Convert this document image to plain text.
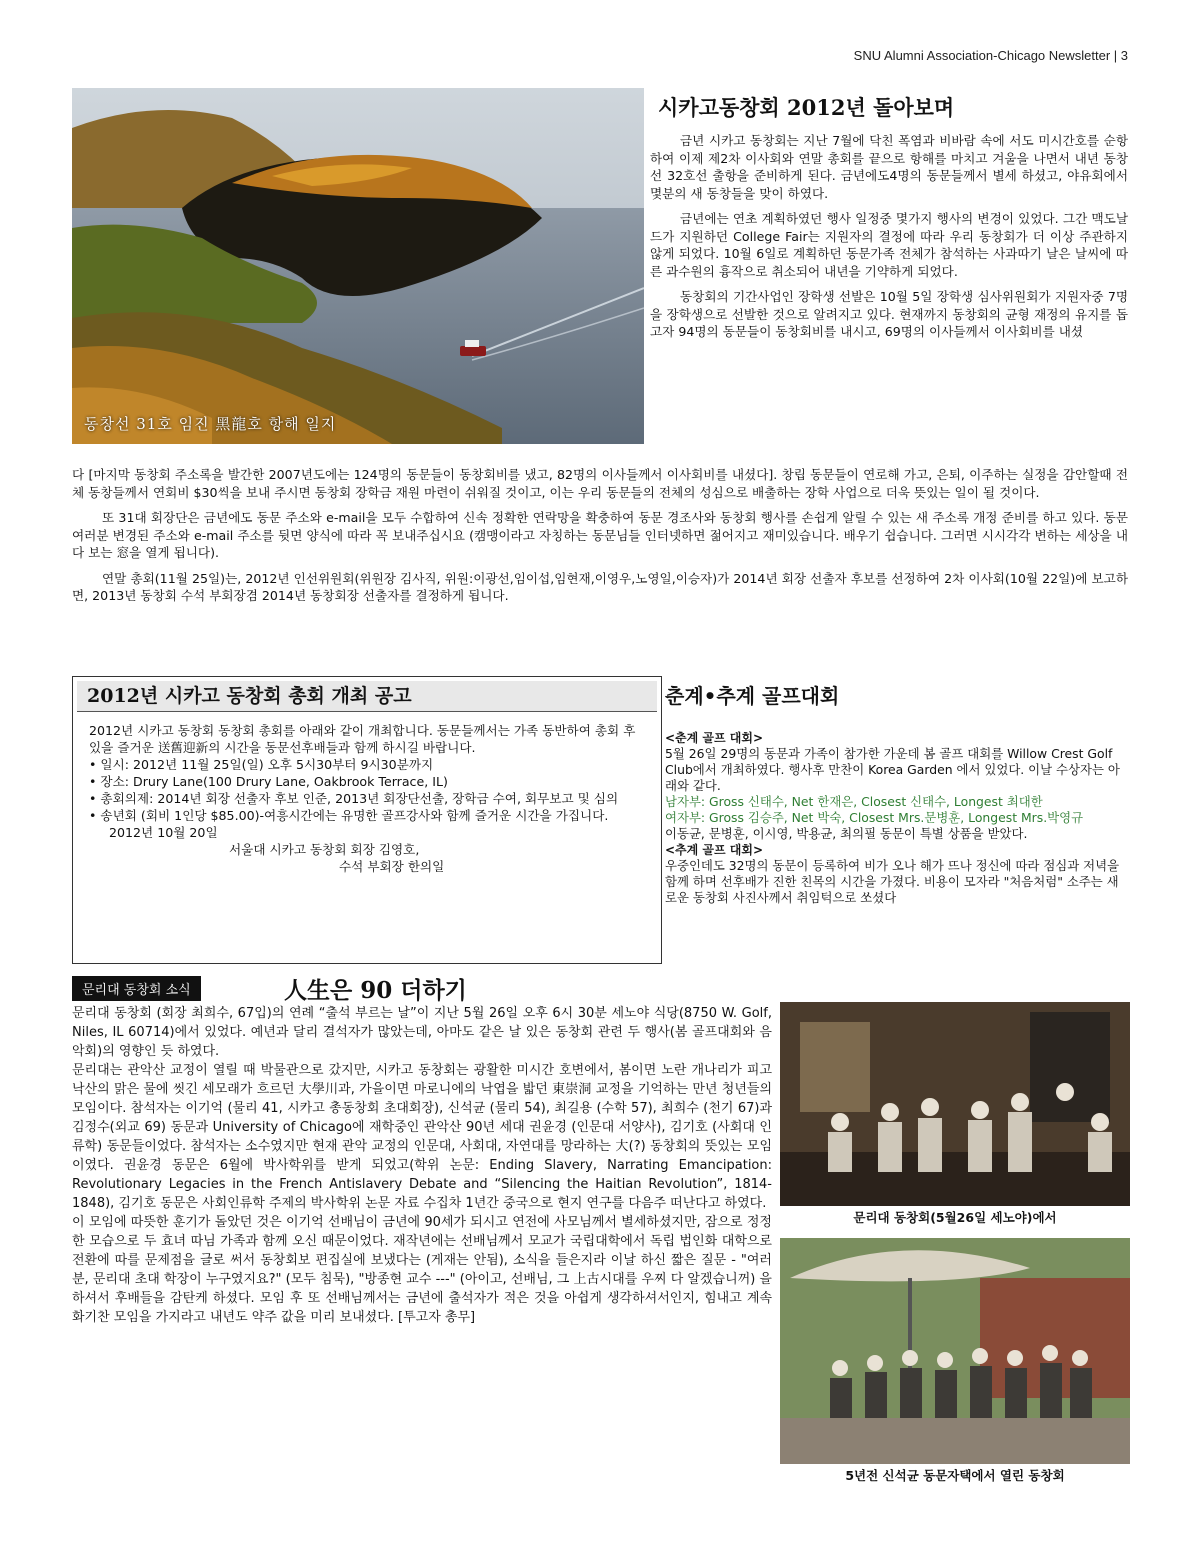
SNU Alumni Association-Chicago Newsletter | 3
동창선 31호 임진 黑龍호 항해 일지
시카고동창회 2012년 돌아보며

금년 시카고 동창회는 지난 7월에 닥친 폭염과 비바람 속에 서도 미시간호를 순항하여 이제 제2차 이사회와 연말 총회를 끝으로 항해를 마치고 겨울을 나면서 내년 동창선 32호선 출항을 준비하게 된다. 금년에도4명의 동문들께서 별세 하셨고, 야유회에서 몇분의 새 동창들을 맞이 하였다.

금년에는 연초 계획하였던 행사 일정중 몇가지 행사의 변경이 있었다. 그간 맥도날드가 지원하던 College Fair는 지원자의 결정에 따라 우리 동창회가 더 이상 주관하지 않게 되었다. 10월 6일로 계획하던 동문가족 전체가 참석하는 사과따기 날은 날씨에 따른 과수원의 흉작으로 취소되어 내년을 기약하게 되었다.

동창회의 기간사업인 장학생 선발은 10월 5일 장학생 심사위원회가 지원자중 7명을 장학생으로 선발한 것으로 알려지고 있다. 현재까지 동창회의 균형 재정의 유지를 돕고자 94명의 동문들이 동창회비를 내시고, 69명의 이사들께서 이사회비를 내셨

다 [마지막 동창회 주소록을 발간한 2007년도에는 124명의 동문들이 동창회비를 냈고, 82명의 이사들께서 이사회비를 내셨다]. 창립 동문들이 연로해 가고, 은퇴, 이주하는 실정을 감안할때 전체 동창들께서 연회비 $30씩을 보내 주시면 동창회 장학금 재원 마련이 쉬워질 것이고, 이는 우리 동문들의 전체의 성심으로 배출하는 장학 사업으로 더욱 뜻있는 일이 될 것이다.

또 31대 회장단은 금년에도 동문 주소와 e-mail을 모두 수합하여 신속 정확한 연락망을 확충하여 동문 경조사와 동창회 행사를 손쉽게 알릴 수 있는 새 주소록 개정 준비를 하고 있다. 동문 여러분 변경된 주소와 e-mail 주소를 뒷면 양식에 따라 꼭 보내주십시요 (캠맹이라고 자칭하는 동문님들 인터넷하면 젊어지고 재미있습니다. 배우기 쉽습니다. 그러면 시시각각 변하는 세상을 내다 보는 窓을 열게 됩니다).

연말 총회(11월 25일)는, 2012년 인선위원회(위원장 김사직, 위원:이광선,임이섭,임현재,이영우,노영일,이승자)가 2014년 회장 선출자 후보를 선정하여 2차 이사회(10월 22일)에 보고하면, 2013년 동창회 수석 부회장겸 2014년 동창회장 선출자를 결정하게 됩니다.

2012년 시카고 동창회 총회 개최 공고
2012년 시카고 동창회 동창회 총회를 아래와 같이 개최합니다. 동문들께서는 가족 동반하여 총회 후 있을 즐거운 送舊迎新의 시간을 동문선후배들과 함께 하시길 바랍니다.
• 일시: 2012년 11월 25일(일) 오후 5시30부터 9시30분까지
• 장소: Drury Lane(100 Drury Lane, Oakbrook Terrace, IL)
• 총회의제: 2014년 회장 선출자 후보 인준, 2013년 회장단선출, 장학금 수여, 회무보고 및 심의
• 송년회 (회비 1인당 $85.00)-여흥시간에는 유명한 골프강사와 함께 즐거운 시간을 가집니다.
2012년 10월 20일
서울대 시카고 동창회 회장 김영호,
수석 부회장 한의일
춘계•추계 골프대회
<춘계 골프 대회>
5월 26일 29명의 동문과 가족이 참가한 가운데 봄 골프 대회를 Willow Crest Golf Club에서 개최하였다. 행사후 만찬이 Korea Garden 에서 있었다. 이날 수상자는 아래와 같다.
남자부: Gross 신태수, Net 한재은, Closest 신태수, Longest 최대한
여자부: Gross 김승주, Net 박숙, Closest Mrs.문병훈, Longest Mrs.박영규
이동균, 문병훈, 이시영, 박용균, 최의필 동문이 특별 상품을 받았다.
<추계 골프 대회>
우중인데도 32명의 동문이 등록하여 비가 오나 해가 뜨나 정신에 따라 점심과 저녁을 함께 하며 선후배가 진한 친목의 시간을 가졌다. 비용이 모자라 "처음처럼" 소주는 새로운 동창회 사진사께서 취임턱으로 쏘셨다
문리대 동창회 소식	人生은 90 더하기

문리대 동창회 (회장 최희수, 67입)의 연례 “출석 부르는 날”이 지난 5월 26일 오후 6시 30분 세노야 식당(8750 W. Golf, Niles, IL 60714)에서 있었다. 예년과 달리 결석자가 많았는데, 아마도 같은 날 있은 동창회 관련 두 행사(봄 골프대회와 음악회)의 영향인 듯 하였다.

문리대는 관악산 교정이 열릴 때 박물관으로 갔지만, 시카고 동창회는 광활한 미시간 호변에서, 봄이면 노란 개나리가 피고 낙산의 맑은 물에 씻긴 세모래가 흐르던 大學川과, 가을이면 마로니에의 낙엽을 밟던 東崇洞 교정을 기억하는 만년 청년들의 모임이다. 참석자는 이기억 (물리 41, 시카고 총동창회 초대회장), 신석균 (물리 54), 최길용 (수학 57), 최희수 (천기 67)과 김정수(외교 69) 동문과 University of Chicago에 재학중인 관악산 90년 세대 권윤경 (인문대 서양사), 김기호 (사회대 인류학) 동문들이었다. 참석자는 소수였지만 현재 관악 교정의 인문대, 사회대, 자연대를 망라하는 大(?) 동창회의 뜻있는 모임이였다. 권윤경 동문은 6월에 박사학위를 받게 되었고(학위 논문: Ending Slavery, Narrating Emancipation: Revolutionary Legacies in the French Antislavery Debate and “Silencing the Haitian Revolution”, 1814-1848), 김기호 동문은 사회인류학 주제의 박사학위 논문 자료 수집차 1년간 중국으로 현지 연구를 다음주 떠난다고 하였다.

이 모임에 따뜻한 훈기가 돌았던 것은 이기억 선배님이 금년에 90세가 되시고 연전에 사모님께서 별세하셨지만, 잠으로 정정한 모습으로 두 효녀 따님 가족과 함께 오신 때문이었다. 재작년에는 선배님께서 모교가 국립대학에서 독립 법인화 대학으로 전환에 따를 문제점을 글로 써서 동창회보 편집실에 보냈다는 (게재는 안됨), 소식을 들은지라 이날 하신 짧은 질문 - "여러분, 문리대 초대 학장이 누구였지요?" (모두 침묵), "방종현 교수 ---" (아이고, 선배님, 그 上古시대를 우찌 다 알겠습니꺼) 을 하셔서 후배들을 감탄케 하셨다. 모임 후 또 선배님께서는 금년에 출석자가 적은 것을 아쉽게 생각하셔서인지, 힘내고 계속 화기찬 모임을 가지라고 내년도 약주 값을 미리 보내셨다. [투고자 총무]

문리대 동창회(5월26일 세노야)에서
5년전 신석균 동문자택에서 열린 동창회
